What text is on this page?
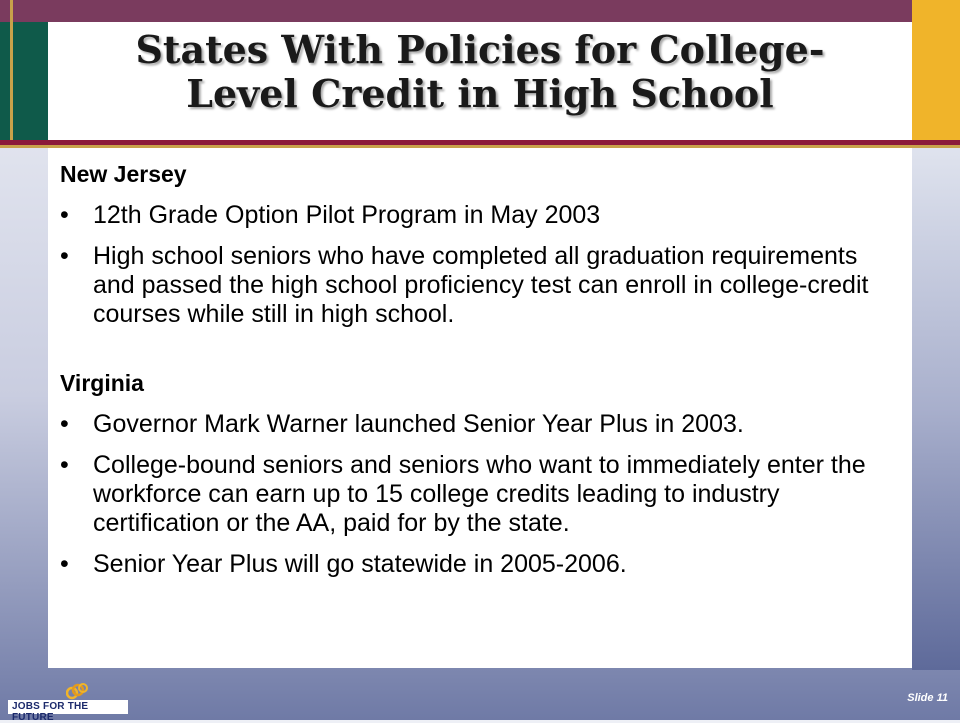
States With Policies for College-
Level Credit in High School
New Jersey
• 12th Grade Option Pilot Program in May 2003
• High school seniors who have completed all graduation requirements and passed the high school proficiency test can enroll in college-credit courses while still in high school.
Virginia
• Governor Mark Warner launched Senior Year Plus in 2003.
• College-bound seniors and seniors who want to immediately enter the workforce can earn up to 15 college credits leading to industry certification or the AA, paid for by the state.
• Senior Year Plus will go statewide in 2005-2006.
JOBS FOR THE FUTURE
Slide 11
